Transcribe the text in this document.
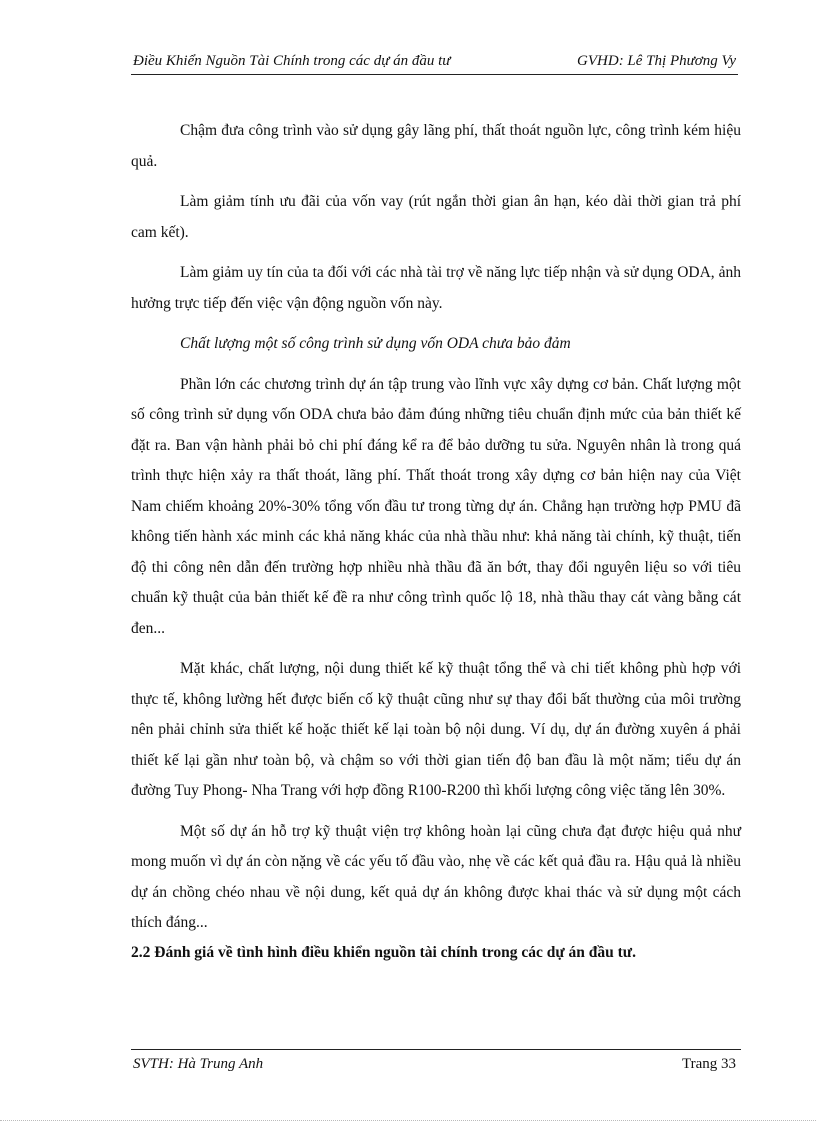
Điều Khiển Nguồn Tài Chính trong các dự án đầu tư	GVHD: Lê Thị Phương Vy

Chậm đưa công trình vào sử dụng gây lãng phí, thất thoát nguồn lực, công trình kém hiệu quả.

Làm giảm tính ưu đãi của vốn vay (rút ngắn thời gian ân hạn, kéo dài thời gian trả phí cam kết).

Làm giảm uy tín của ta đối với các nhà tài trợ về năng lực tiếp nhận và sử dụng ODA, ảnh hưởng trực tiếp đến việc vận động nguồn vốn này.

Chất lượng một số công trình sử dụng vốn ODA chưa bảo đảm

Phần lớn các chương trình dự án tập trung vào lĩnh vực xây dựng cơ bản. Chất lượng một số công trình sử dụng vốn ODA chưa bảo đảm đúng những tiêu chuẩn định mức của bản thiết kế đặt ra. Ban vận hành phải bỏ chi phí đáng kể ra để bảo dưỡng tu sửa. Nguyên nhân là trong quá trình thực hiện xảy ra thất thoát, lãng phí. Thất thoát trong xây dựng cơ bản hiện nay của Việt Nam chiếm khoảng 20%-30% tổng vốn đầu tư trong từng dự án. Chẳng hạn trường hợp PMU đã không tiến hành xác minh các khả năng khác của nhà thầu như: khả năng tài chính, kỹ thuật, tiến độ thi công nên dẫn đến trường hợp nhiều nhà thầu đã ăn bớt, thay đổi nguyên liệu so với tiêu chuẩn kỹ thuật của bản thiết kế đề ra như công trình quốc lộ 18, nhà thầu thay cát vàng bằng cát đen...

Mặt khác, chất lượng, nội dung thiết kế kỹ thuật tổng thể và chi tiết không phù hợp với thực tế, không lường hết được biến cố kỹ thuật cũng như sự thay đổi bất thường của môi trường nên phải chỉnh sửa thiết kế hoặc thiết kế lại toàn bộ nội dung. Ví dụ, dự án đường xuyên á phải thiết kế lại gần như toàn bộ, và chậm so với thời gian tiến độ ban đầu là một năm; tiểu dự án đường Tuy Phong- Nha Trang với hợp đồng R100-R200 thì khối lượng công việc tăng lên 30%.

Một số dự án hỗ trợ kỹ thuật viện trợ không hoàn lại cũng chưa đạt được hiệu quả như mong muốn vì dự án còn nặng về các yếu tố đầu vào, nhẹ về các kết quả đầu ra. Hậu quả là nhiều dự án chồng chéo nhau về nội dung, kết quả dự án không được khai thác và sử dụng một cách thích đáng...

2.2 Đánh giá về tình hình điều khiển nguồn tài chính trong các dự án đầu tư.

SVTH: Hà Trung Anh	Trang 33
